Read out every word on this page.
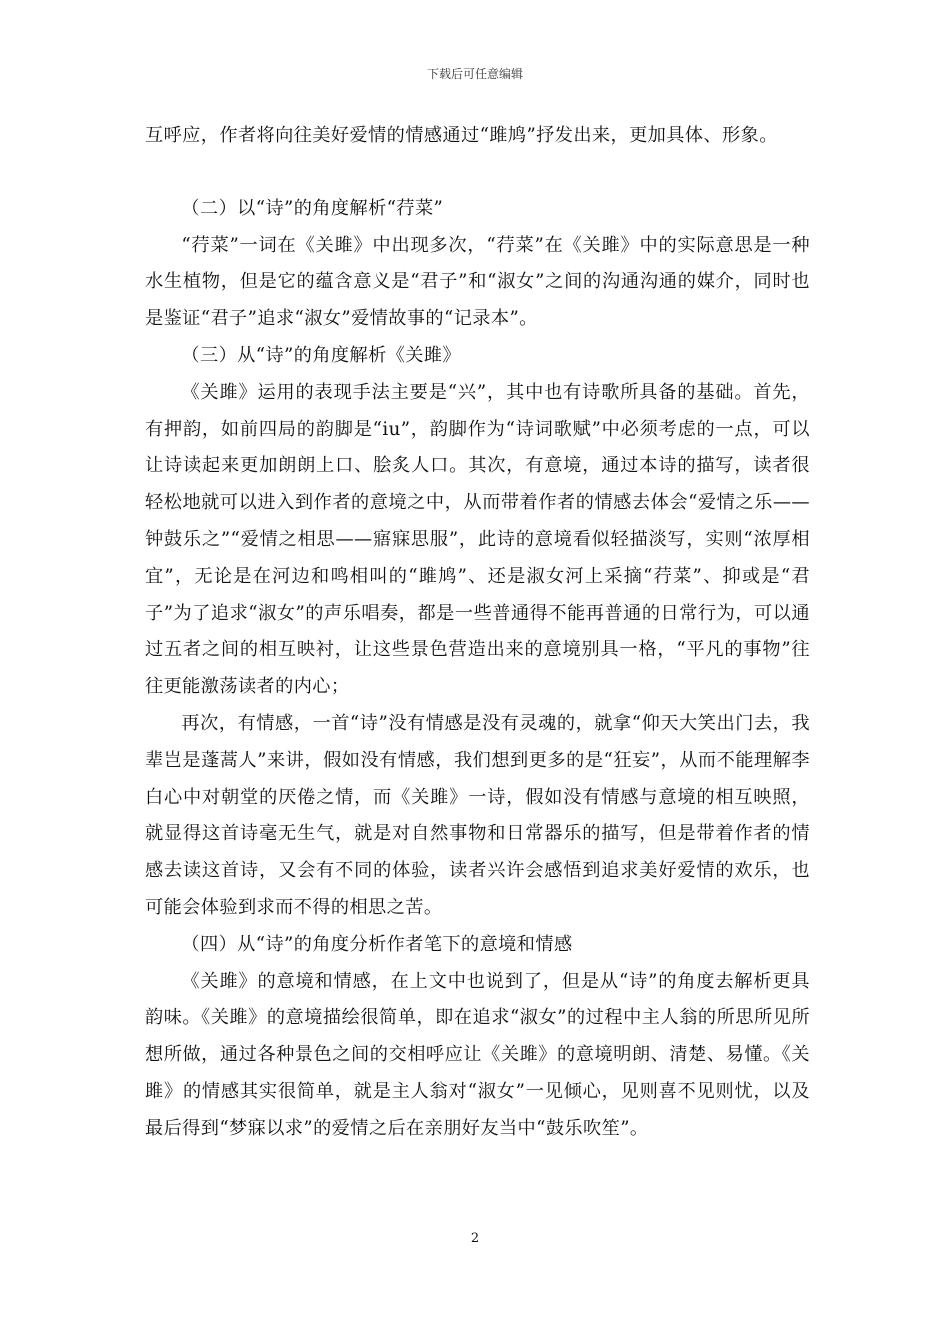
下载后可任意编辑

互呼应，作者将向往美好爱情的情感通过“雎鸠”抒发出来，更加具体、形象。

（二）以“诗”的角度解析“荇菜”

“荇菜”一词在《关雎》中出现多次，“荇菜”在《关雎》中的实际意思是一种水生植物，但是它的蕴含意义是“君子”和“淑女”之间的沟通沟通的媒介，同时也是鉴证“君子”追求“淑女”爱情故事的“记录本”。

（三）从“诗”的角度解析《关雎》

《关雎》运用的表现手法主要是“兴”，其中也有诗歌所具备的基础。首先，有押韵，如前四局的韵脚是“iu”，韵脚作为“诗词歌赋”中必须考虑的一点，可以让诗读起来更加朗朗上口、脍炙人口。其次，有意境，通过本诗的描写，读者很轻松地就可以进入到作者的意境之中，从而带着作者的情感去体会“爱情之乐——钟鼓乐之”“爱情之相思——寤寐思服”，此诗的意境看似轻描淡写，实则“浓厚相宜”，无论是在河边和鸣相叫的“雎鸠”、还是淑女河上采摘“荇菜”、抑或是“君子”为了追求“淑女”的声乐唱奏，都是一些普通得不能再普通的日常行为，可以通过五者之间的相互映衬，让这些景色营造出来的意境别具一格，“平凡的事物”往往更能激荡读者的内心；

再次，有情感，一首“诗”没有情感是没有灵魂的，就拿“仰天大笑出门去，我辈岂是蓬蒿人”来讲，假如没有情感，我们想到更多的是“狂妄”，从而不能理解李白心中对朝堂的厌倦之情，而《关雎》一诗，假如没有情感与意境的相互映照，就显得这首诗毫无生气，就是对自然事物和日常器乐的描写，但是带着作者的情感去读这首诗，又会有不同的体验，读者兴许会感悟到追求美好爱情的欢乐，也可能会体验到求而不得的相思之苦。

（四）从“诗”的角度分析作者笔下的意境和情感

《关雎》的意境和情感，在上文中也说到了，但是从“诗”的角度去解析更具韵味。《关雎》的意境描绘很简单，即在追求“淑女”的过程中主人翁的所思所见所想所做，通过各种景色之间的交相呼应让《关雎》的意境明朗、清楚、易懂。《关雎》的情感其实很简单，就是主人翁对“淑女”一见倾心，见则喜不见则忧，以及最后得到“梦寐以求”的爱情之后在亲朋好友当中“鼓乐吹笙”。

2
